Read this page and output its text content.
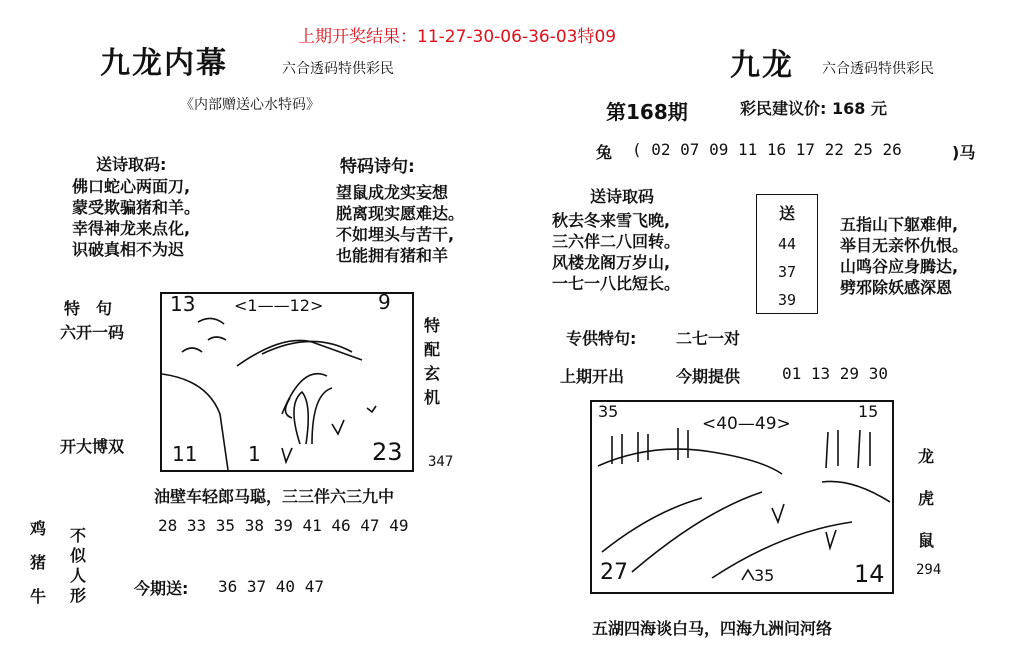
上期开奖结果：11-27-30-06-36-03特09
九龙内幕	六合透码特供彩民
《内部赠送心水特码》
送诗取码:
佛口蛇心两面刀,
蒙受欺骗猪和羊。
幸得神龙来点化,
识破真相不为迟
特码诗句:
望鼠成龙实妄想
脱离现实愿难达。
不如埋头与苦干,
也能拥有猪和羊
特　句
六开一码
开大博双
13 <1——12>	9
11	1	23
特
配
玄
机
347
油壁车轻郎马聪，三三伴六三九中
28 33 35 38 39 41 46 47 49
鸡
猪
牛
不
似
人
形	今期送: 36 37 40 47
九龙 六合透码特供彩民
第168期	彩民建议价: 168 元
兔 ( 02 07 09 11 16 17 22 25 26	)马
送诗取码
秋去冬来雪飞晚,
三六伴二八回转。
风楼龙阁万岁山,
一七一八比短长。
送
44
37
39
五指山下躯难伸,
举目无亲怀仇恨。
山鸣谷应身腾达,
劈邪除妖感深恩
专供特句: 二七一对
上期开出	今期提供	01 13 29 30
35
<40—49>
15
27	35	14
龙
虎
鼠
294
五湖四海谈白马，四海九洲问河络
